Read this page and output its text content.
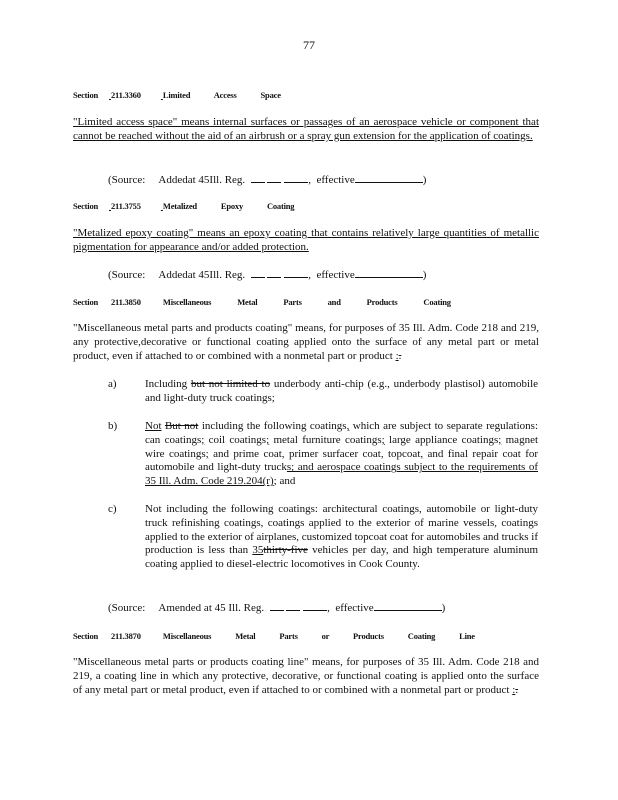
77
Section 211.3360	Limited Access Space
"Limited access space" means internal surfaces or passages of an aerospace vehicle or component that cannot be reached without the aid of an airbrush or a spray gun extension for the application of coatings.
(Source: Addedat 45Ill. Reg.	,  effective	)
Section 211.3755	Metalized Epoxy Coating
"Metalized epoxy coating" means an epoxy coating that contains relatively large quantities of metallic pigmentation for appearance and/or added protection.
(Source: Addedat 45Ill. Reg.	,  effective	)
Section 211.3850	Miscellaneous Metal Parts and Products Coating
"Miscellaneous metal parts and products coating" means, for purposes of 35 Ill. Adm. Code 218 and 219, any protective,decorative or functional coating applied onto the surface of any metal part or metal product, even if attached to or combined with a nonmetal part or product :.
a)	Including but not limited to underbody anti-chip (e.g., underbody plastisol) automobile and light-duty truck coatings;
b)	Not But not including the following coatings, which are subject to separate regulations: can coatings; coil coatings; metal furniture coatings; large appliance coatings; magnet wire coatings; and prime coat, primer surfacer coat, topcoat, and final repair coat for automobile and light-duty trucks; and aerospace coatings subject to the requirements of 35 Ill. Adm. Code 219.204(r); and
c)	Not including the following coatings: architectural coatings, automobile or light-duty truck refinishing coatings, coatings applied to the exterior of marine vessels, coatings applied to the exterior of airplanes, customized topcoat coat for automobiles and trucks if production is less than 35thirty-five vehicles per day, and high temperature aluminum coating applied to diesel-electric locomotives in Cook County.
(Source: Amended at 45 Ill. Reg.	,  effective	)
Section 211.3870	Miscellaneous Metal Parts or Products Coating Line
"Miscellaneous metal parts or products coating line" means, for purposes of 35 Ill. Adm. Code 218 and 219, a coating line in which any protective, decorative, or functional coating is applied onto the surface of any metal part or metal product, even if attached to or combined with a nonmetal part or product :.
